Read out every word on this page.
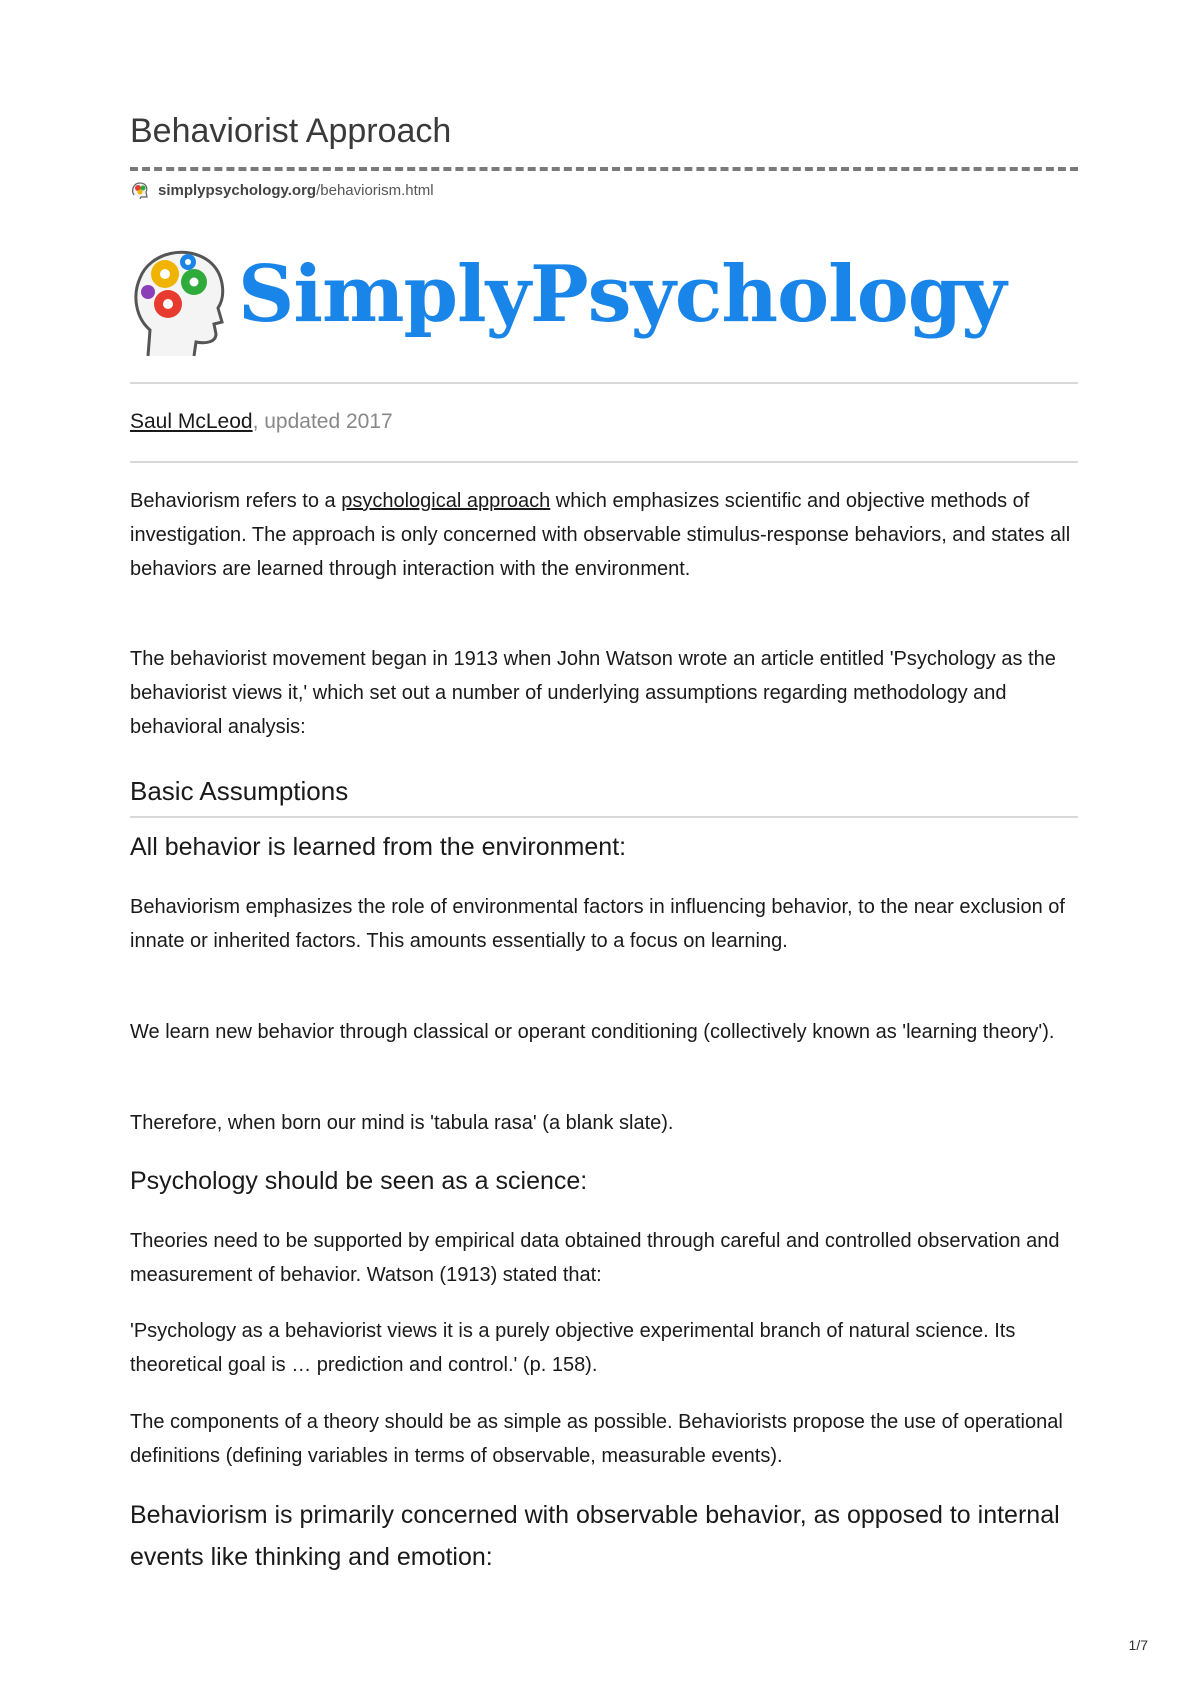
Behaviorist Approach
simplypsychology.org /behaviorism.html
SimplyPsychology
Saul McLeod, updated 2017

Behaviorism refers to a psychological approach which emphasizes scientific and objective methods of investigation. The approach is only concerned with observable stimulus-response behaviors, and states all behaviors are learned through interaction with the environment.

The behaviorist movement began in 1913 when John Watson wrote an article entitled 'Psychology as the behaviorist views it,' which set out a number of underlying assumptions regarding methodology and behavioral analysis:

Basic Assumptions
All behavior is learned from the environment:

Behaviorism emphasizes the role of environmental factors in influencing behavior, to the near exclusion of innate or inherited factors. This amounts essentially to a focus on learning.

We learn new behavior through classical or operant conditioning (collectively known as 'learning theory').

Therefore, when born our mind is 'tabula rasa' (a blank slate).

Psychology should be seen as a science:

Theories need to be supported by empirical data obtained through careful and controlled observation and measurement of behavior. Watson (1913) stated that:

'Psychology as a behaviorist views it is a purely objective experimental branch of natural science. Its theoretical goal is … prediction and control.' (p. 158).

The components of a theory should be as simple as possible. Behaviorists propose the use of operational definitions (defining variables in terms of observable, measurable events).

Behaviorism is primarily concerned with observable behavior, as opposed to internal events like thinking and emotion:
1/7
